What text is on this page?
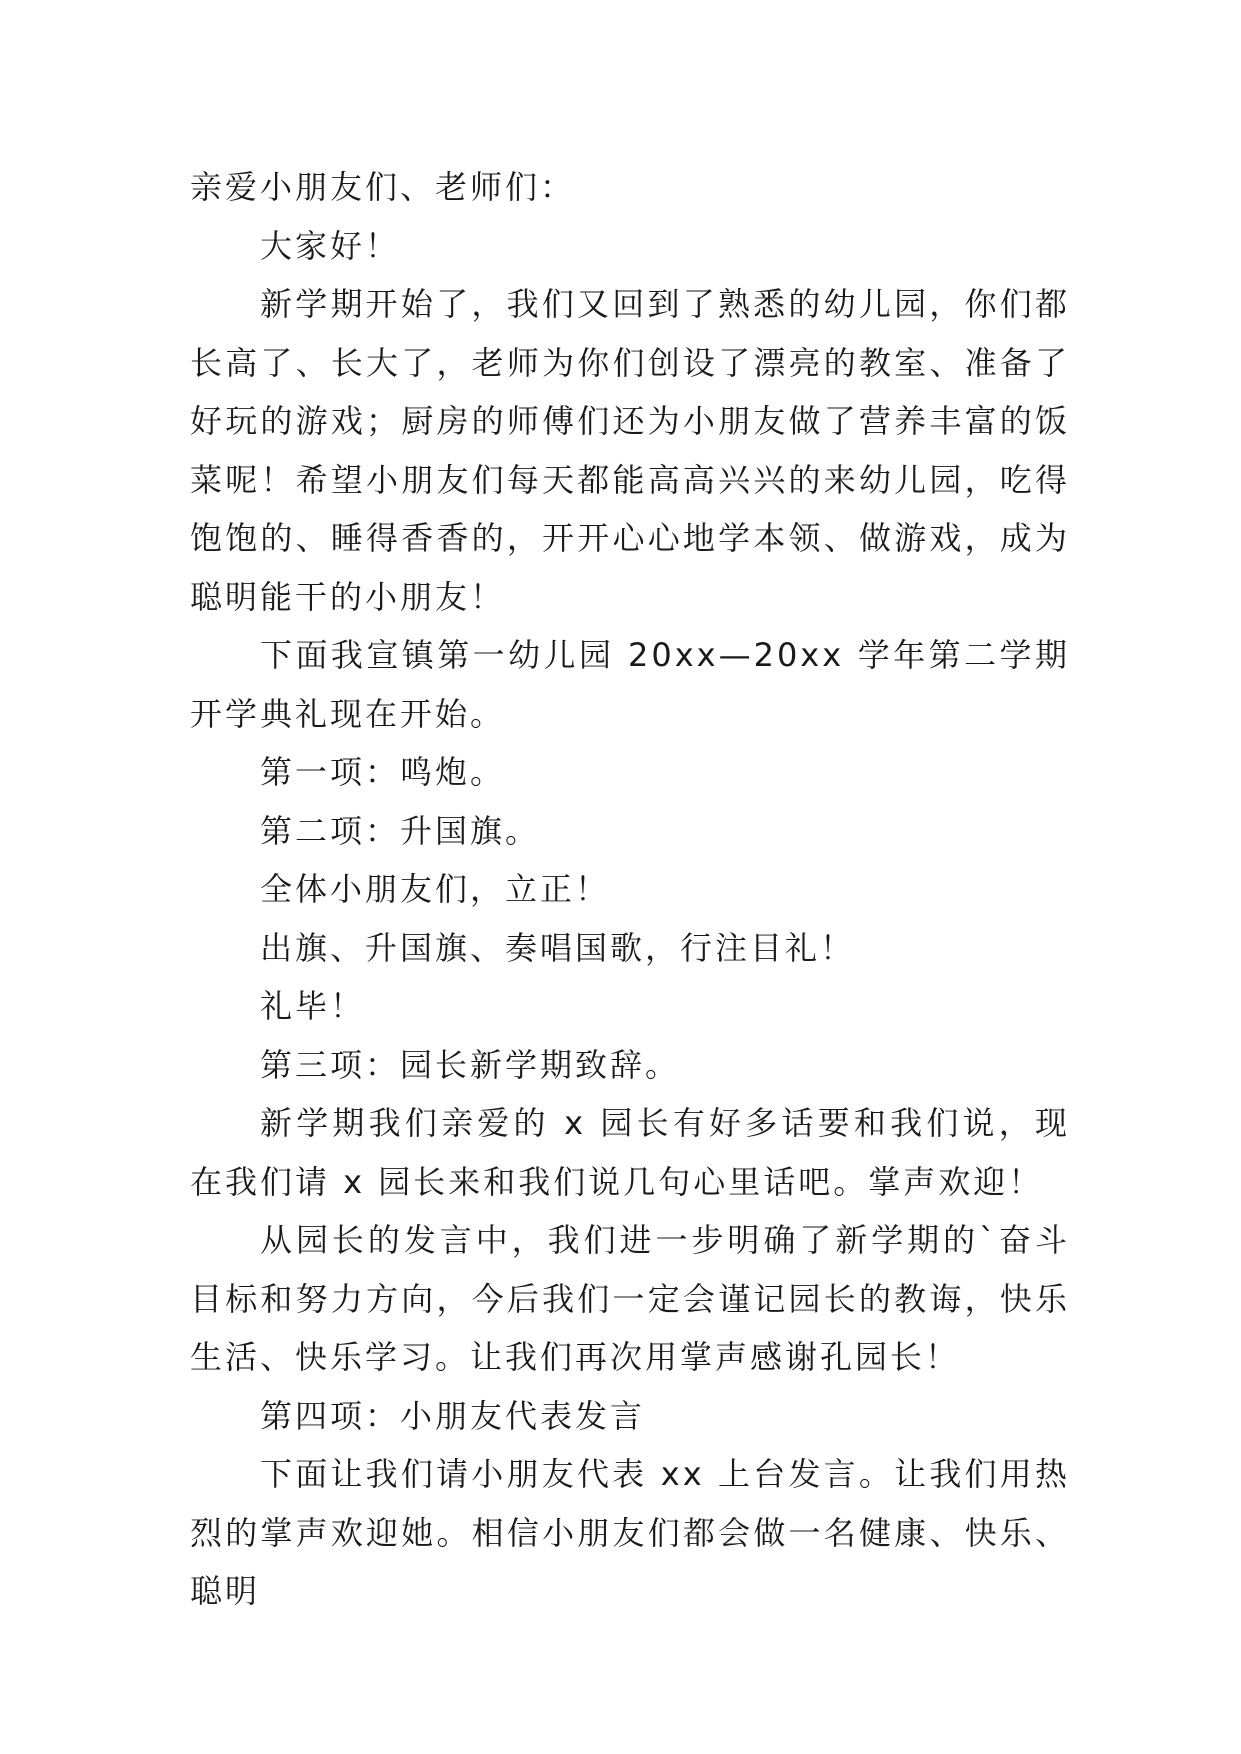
亲爱小朋友们、老师们：

大家好！

新学期开始了，我们又回到了熟悉的幼儿园，你们都长高了、长大了，老师为你们创设了漂亮的教室、准备了好玩的游戏；厨房的师傅们还为小朋友做了营养丰富的饭菜呢！希望小朋友们每天都能高高兴兴的来幼儿园，吃得饱饱的、睡得香香的，开开心心地学本领、做游戏，成为聪明能干的小朋友！

下面我宣镇第一幼儿园 20xx—20xx 学年第二学期开学典礼现在开始。

第一项：鸣炮。

第二项：升国旗。

全体小朋友们，立正！

出旗、升国旗、奏唱国歌，行注目礼！

礼毕！

第三项：园长新学期致辞。

新学期我们亲爱的 x 园长有好多话要和我们说，现在我们请 x 园长来和我们说几句心里话吧。掌声欢迎！

从园长的发言中，我们进一步明确了新学期的`奋斗目标和努力方向，今后我们一定会谨记园长的教诲，快乐生活、快乐学习。让我们再次用掌声感谢孔园长！

第四项：小朋友代表发言

下面让我们请小朋友代表 xx 上台发言。让我们用热烈的掌声欢迎她。相信小朋友们都会做一名健康、快乐、聪明
